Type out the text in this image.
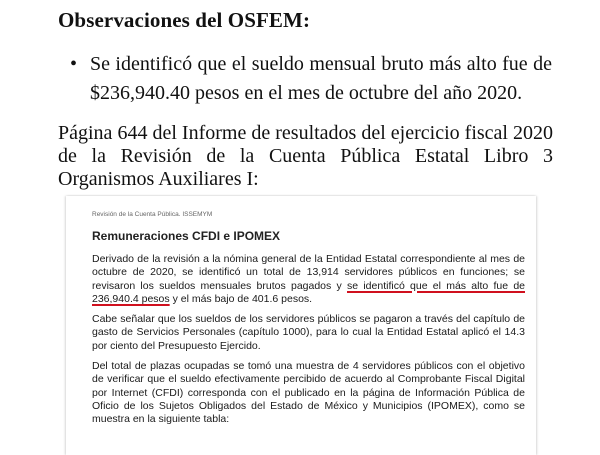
Observaciones del OSFEM:
• Se identificó que el sueldo mensual bruto más alto fue de $236,940.40 pesos en el mes de octubre del año 2020.
Página 644 del Informe de resultados del ejercicio fiscal 2020 de la Revisión de la Cuenta Pública Estatal Libro 3 Organismos Auxiliares I:
Revisión de la Cuenta Pública. ISSEMYM
Remuneraciones CFDI e IPOMEX
Derivado de la revisión a la nómina general de la Entidad Estatal correspondiente al mes de octubre de 2020, se identificó un total de 13,914 servidores públicos en funciones; se revisaron los sueldos mensuales brutos pagados y se identificó que el más alto fue de 236,940.4 pesos y el más bajo de 401.6 pesos.
Cabe señalar que los sueldos de los servidores públicos se pagaron a través del capítulo de gasto de Servicios Personales (capítulo 1000), para lo cual la Entidad Estatal aplicó el 14.3 por ciento del Presupuesto Ejercido.
Del total de plazas ocupadas se tomó una muestra de 4 servidores públicos con el objetivo de verificar que el sueldo efectivamente percibido de acuerdo al Comprobante Fiscal Digital por Internet (CFDI) corresponda con el publicado en la página de Información Pública de Oficio de los Sujetos Obligados del Estado de México y Municipios (IPOMEX), como se muestra en la siguiente tabla:
